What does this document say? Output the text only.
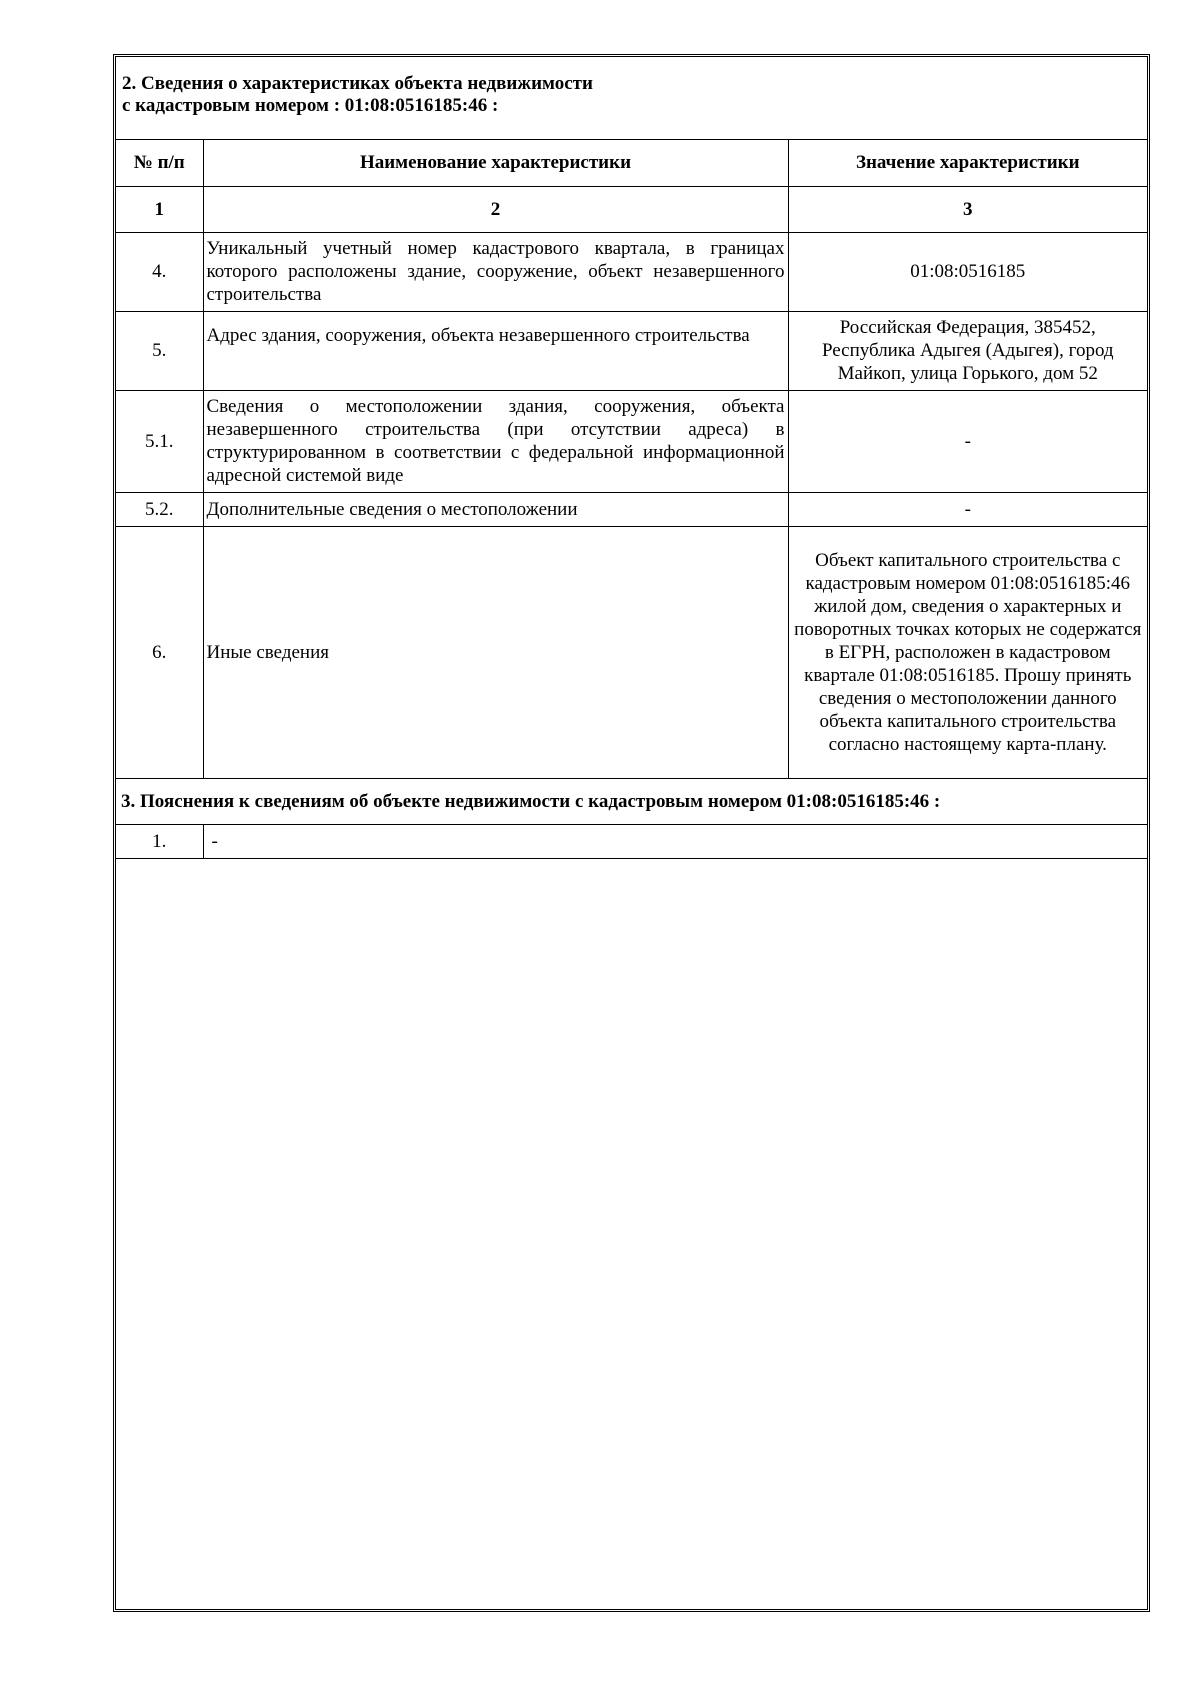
2. Сведения о характеристиках объекта недвижимости
с кадастровым номером : 01:08:0516185:46 :
№ п/п	Наименование характеристики	Значение характеристики
1	2	3
4.	Уникальный учетный номер кадастрового квартала, в границах которого расположены здание, сооружение, объект незавершенного строительства	01:08:0516185
5.	Адрес здания, сооружения, объекта незавершенного строительства	Российская Федерация, 385452, Республика Адыгея (Адыгея), город Майкоп, улица Горького, дом 52
5.1.	Сведения о местоположении здания, сооружения, объекта незавершенного строительства (при отсутствии адреса) в структурированном в соответствии с федеральной информационной адресной системой виде	-
5.2.	Дополнительные сведения о местоположении	-
6.	Иные сведения	Объект капитального строительства с кадастровым номером 01:08:0516185:46 жилой дом, сведения о характерных и поворотных точках которых не содержатся в ЕГРН, расположен в кадастровом квартале 01:08:0516185. Прошу принять сведения о местоположении данного объекта капитального строительства согласно настоящему карта-плану.
3. Пояснения к сведениям об объекте недвижимости с кадастровым номером 01:08:0516185:46 :		
1.	-	
